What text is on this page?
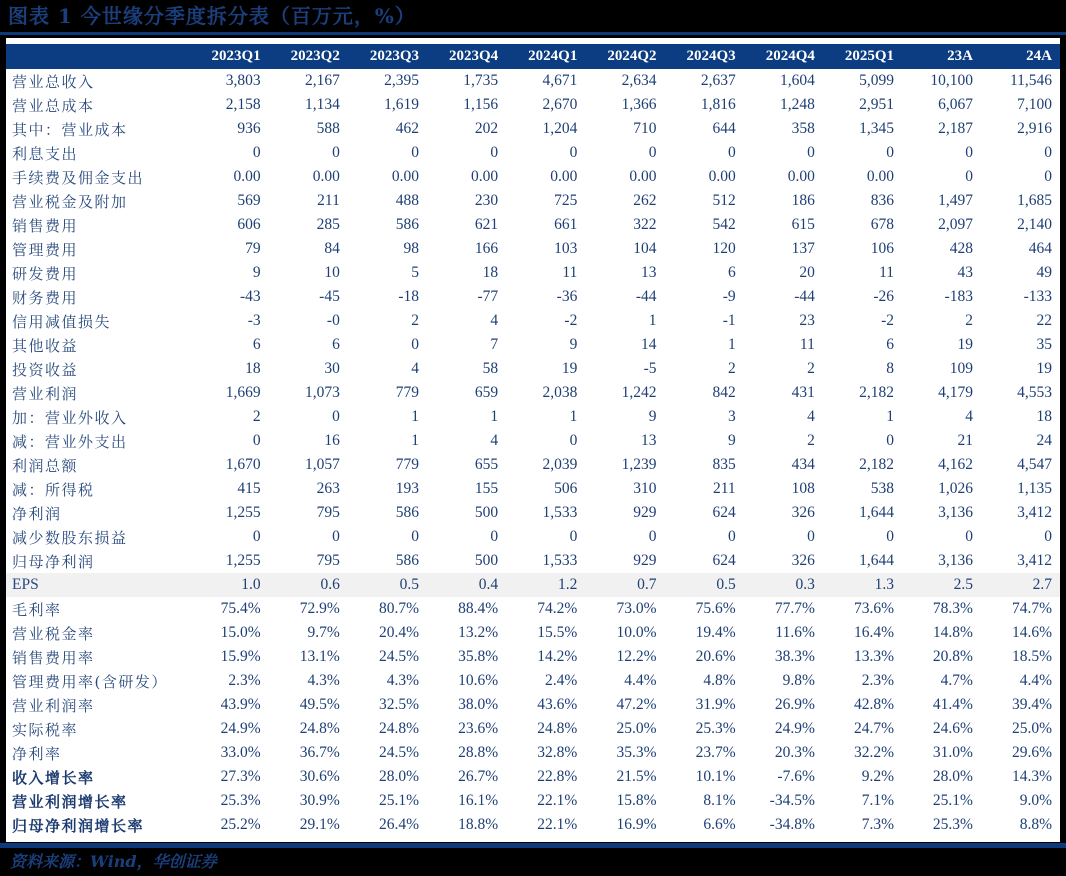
图表 1 今世缘分季度拆分表（百万元，%）
	2023Q1	2023Q2	2023Q3	2023Q4	2024Q1	2024Q2	2024Q3	2024Q4	2025Q1	23A	24A
营业总收入	3,803	2,167	2,395	1,735	4,671	2,634	2,637	1,604	5,099	10,100	11,546
营业总成本	2,158	1,134	1,619	1,156	2,670	1,366	1,816	1,248	2,951	6,067	7,100
其中：营业成本	936	588	462	202	1,204	710	644	358	1,345	2,187	2,916
利息支出	0	0	0	0	0	0	0	0	0	0	0
手续费及佣金支出	0.00	0.00	0.00	0.00	0.00	0.00	0.00	0.00	0.00	0	0
营业税金及附加	569	211	488	230	725	262	512	186	836	1,497	1,685
销售费用	606	285	586	621	661	322	542	615	678	2,097	2,140
管理费用	79	84	98	166	103	104	120	137	106	428	464
研发费用	9	10	5	18	11	13	6	20	11	43	49
财务费用	-43	-45	-18	-77	-36	-44	-9	-44	-26	-183	-133
信用减值损失	-3	-0	2	4	-2	1	-1	23	-2	2	22
其他收益	6	6	0	7	9	14	1	11	6	19	35
投资收益	18	30	4	58	19	-5	2	2	8	109	19
营业利润	1,669	1,073	779	659	2,038	1,242	842	431	2,182	4,179	4,553
加：营业外收入	2	0	1	1	1	9	3	4	1	4	18
减：营业外支出	0	16	1	4	0	13	9	2	0	21	24
利润总额	1,670	1,057	779	655	2,039	1,239	835	434	2,182	4,162	4,547
减：所得税	415	263	193	155	506	310	211	108	538	1,026	1,135
净利润	1,255	795	586	500	1,533	929	624	326	1,644	3,136	3,412
减少数股东损益	0	0	0	0	0	0	0	0	0	0	0
归母净利润	1,255	795	586	500	1,533	929	624	326	1,644	3,136	3,412
EPS	1.0	0.6	0.5	0.4	1.2	0.7	0.5	0.3	1.3	2.5	2.7
毛利率	75.4%	72.9%	80.7%	88.4%	74.2%	73.0%	75.6%	77.7%	73.6%	78.3%	74.7%
营业税金率	15.0%	9.7%	20.4%	13.2%	15.5%	10.0%	19.4%	11.6%	16.4%	14.8%	14.6%
销售费用率	15.9%	13.1%	24.5%	35.8%	14.2%	12.2%	20.6%	38.3%	13.3%	20.8%	18.5%
管理费用率(含研发）	2.3%	4.3%	4.3%	10.6%	2.4%	4.4%	4.8%	9.8%	2.3%	4.7%	4.4%
营业利润率	43.9%	49.5%	32.5%	38.0%	43.6%	47.2%	31.9%	26.9%	42.8%	41.4%	39.4%
实际税率	24.9%	24.8%	24.8%	23.6%	24.8%	25.0%	25.3%	24.9%	24.7%	24.6%	25.0%
净利率	33.0%	36.7%	24.5%	28.8%	32.8%	35.3%	23.7%	20.3%	32.2%	31.0%	29.6%
收入增长率	27.3%	30.6%	28.0%	26.7%	22.8%	21.5%	10.1%	-7.6%	9.2%	28.0%	14.3%
营业利润增长率	25.3%	30.9%	25.1%	16.1%	22.1%	15.8%	8.1%	-34.5%	7.1%	25.1%	9.0%
归母净利润增长率	25.2%	29.1%	26.4%	18.8%	22.1%	16.9%	6.6%	-34.8%	7.3%	25.3%	8.8%
资料来源：Wind，华创证券
